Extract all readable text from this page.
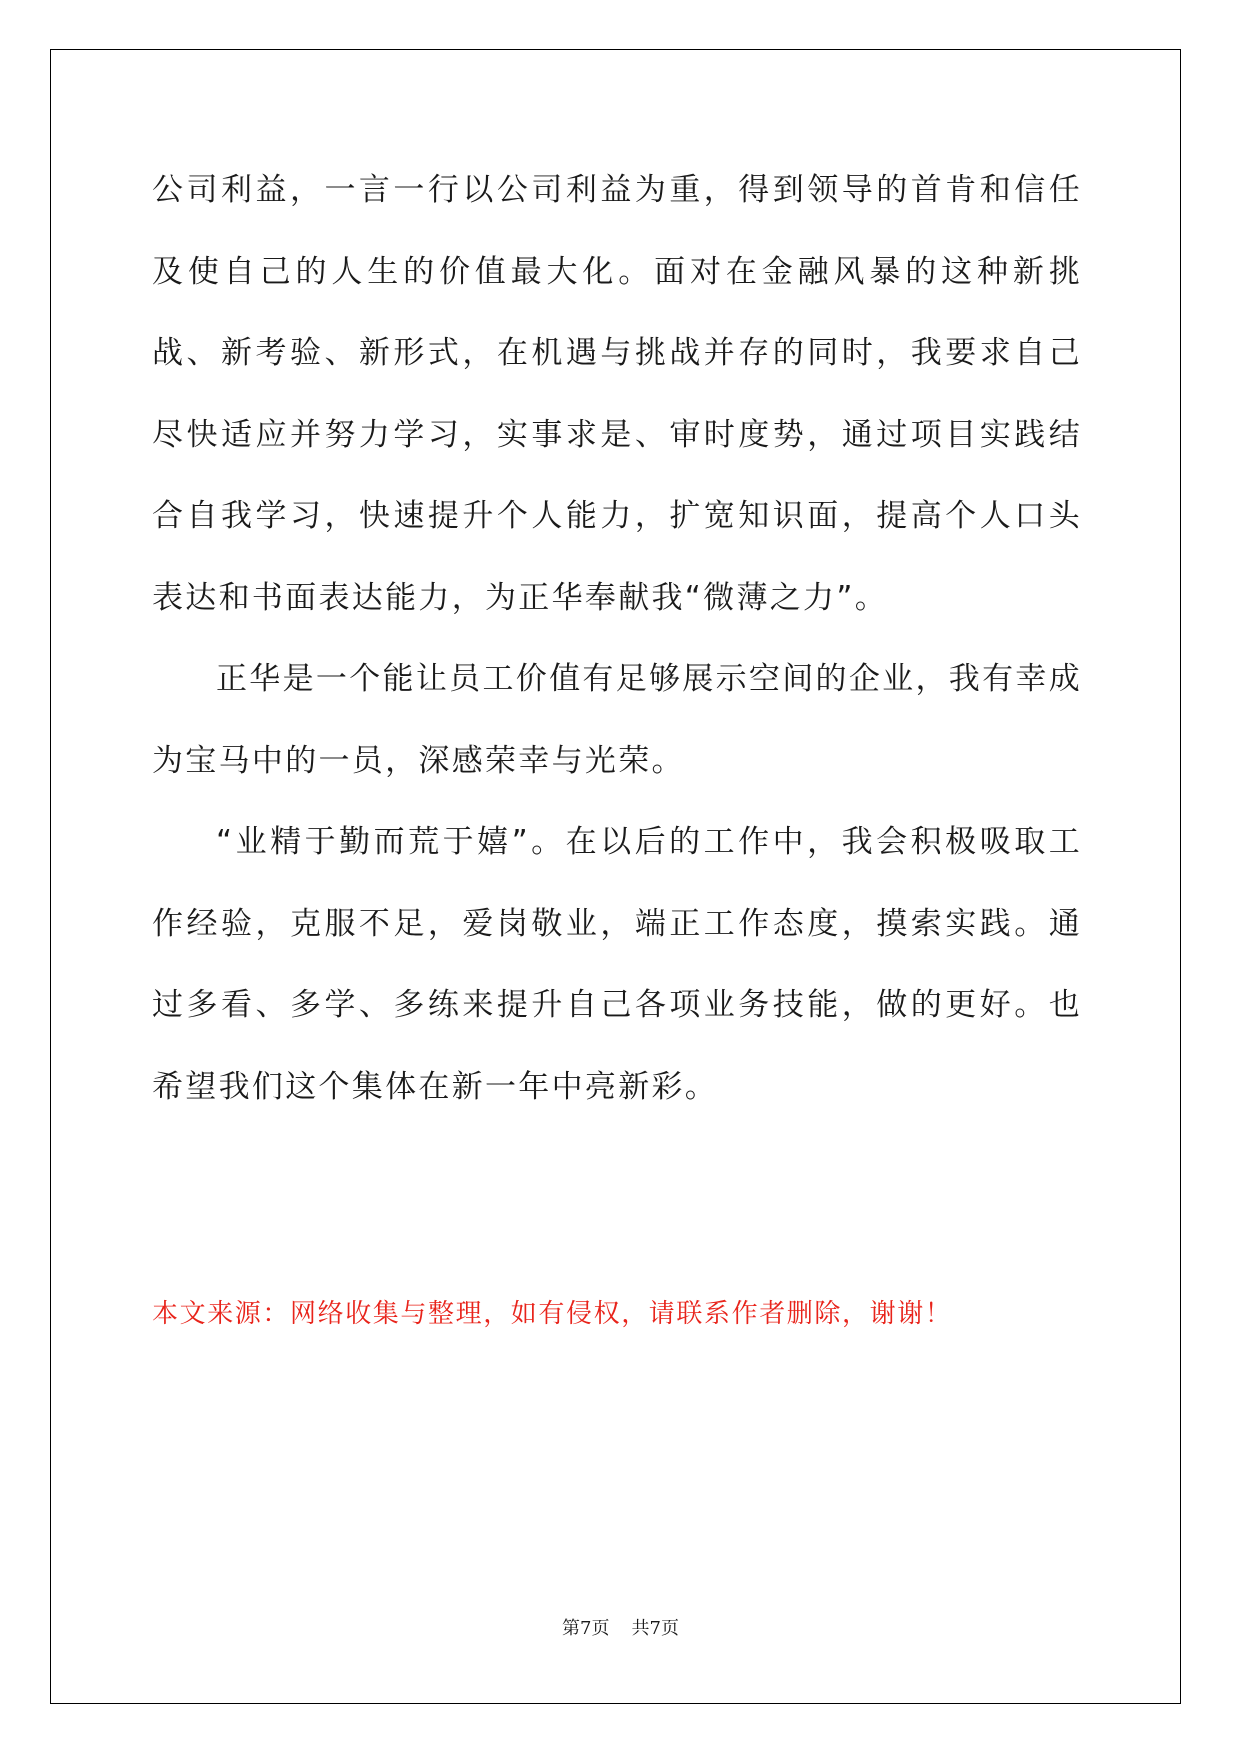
公司利益，一言一行以公司利益为重，得到领导的首肯和信任及使自己的人生的价值最大化。面对在金融风暴的这种新挑战、新考验、新形式，在机遇与挑战并存的同时，我要求自己尽快适应并努力学习，实事求是、审时度势，通过项目实践结合自我学习，快速提升个人能力，扩宽知识面，提高个人口头表达和书面表达能力，为正华奉献我“微薄之力”。

正华是一个能让员工价值有足够展示空间的企业，我有幸成为宝马中的一员，深感荣幸与光荣。

“业精于勤而荒于嬉”。在以后的工作中，我会积极吸取工作经验，克服不足，爱岗敬业，端正工作态度，摸索实践。通过多看、多学、多练来提升自己各项业务技能，做的更好。也希望我们这个集体在新一年中亮新彩。

本文来源：网络收集与整理，如有侵权，请联系作者删除，谢谢！

第7页 共7页
